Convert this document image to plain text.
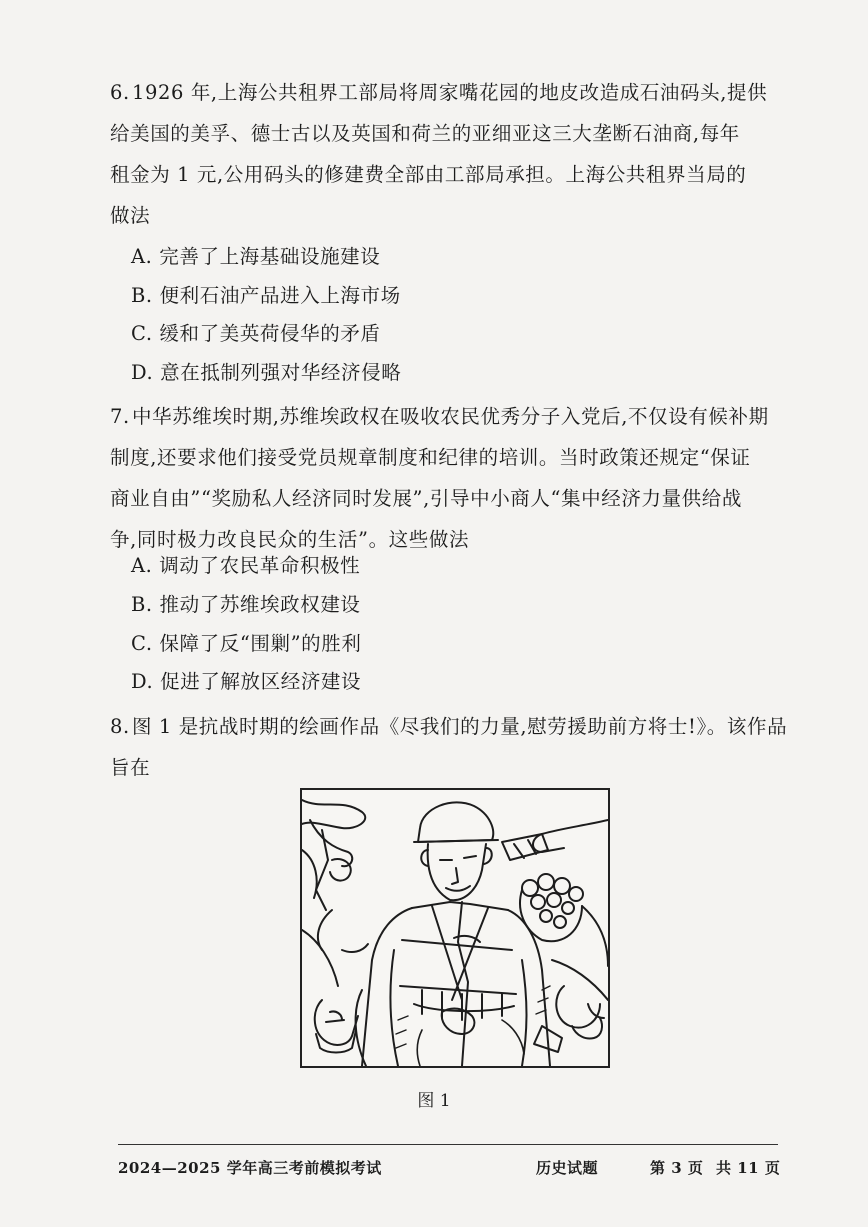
6. 1926 年,上海公共租界工部局将周家嘴花园的地皮改造成石油码头,提供
给美国的美孚、德士古以及英国和荷兰的亚细亚这三大垄断石油商,每年
租金为 1 元,公用码头的修建费全部由工部局承担。上海公共租界当局的
做法
A. 完善了上海基础设施建设
B. 便利石油产品进入上海市场
C. 缓和了美英荷侵华的矛盾
D. 意在抵制列强对华经济侵略
7. 中华苏维埃时期,苏维埃政权在吸收农民优秀分子入党后,不仅设有候补期
制度,还要求他们接受党员规章制度和纪律的培训。当时政策还规定“保证
商业自由”“奖励私人经济同时发展”,引导中小商人“集中经济力量供给战
争,同时极力改良民众的生活”。这些做法
A. 调动了农民革命积极性
B. 推动了苏维埃政权建设
C. 保障了反“围剿”的胜利
D. 促进了解放区经济建设
8. 图 1 是抗战时期的绘画作品《尽我们的力量,慰劳援助前方将士!》。该作品
旨在
图 1
2024—2025 学年高三考前模拟考试	历史试题	第 3 页 共 11 页
